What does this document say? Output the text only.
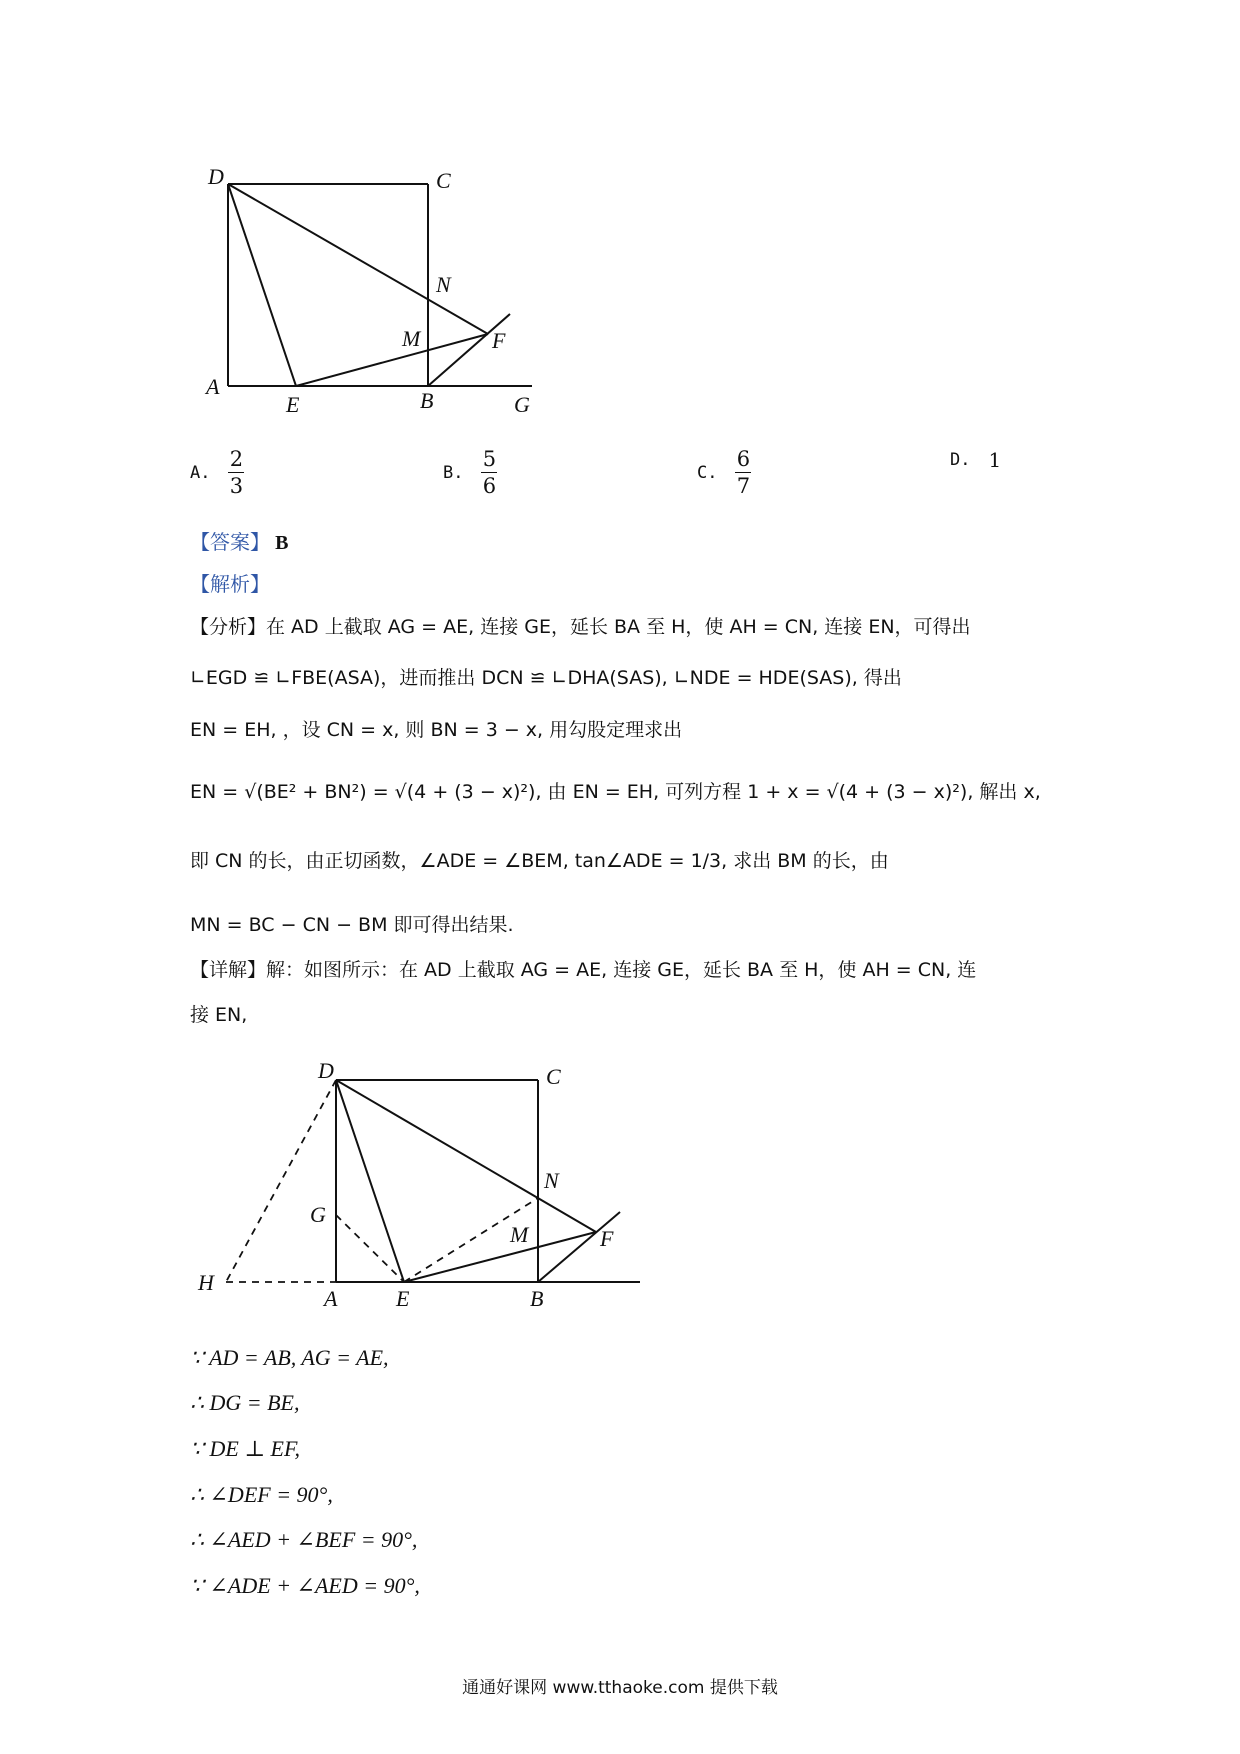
D	C
N
M	F
A
E	B	G
A. $\frac{2}{3}$	B. $\frac{5}{6}$	C. $\frac{6}{7}$	D. 1
【答案】 B
【解析】
【分析】在 AD 上截取 AG = AE, 连接 GE，延长 BA 至 H，使 AH = CN, 连接 EN，可得出
∟EGD ≌ ∟FBE(ASA)，进而推出 DCN ≌ ∟DHA(SAS), ∟NDE = HDE(SAS), 得出
EN = EH, ，设 CN = x, 则 BN = 3 − x, 用勾股定理求出
EN = √(BE² + BN²) = √(4 + (3 − x)²), 由 EN = EH, 可列方程 1 + x = √(4 + (3 − x)²), 解出 x,
即 CN 的长，由正切函数，∠ADE = ∠BEM, tan∠ADE = 1/3, 求出 BM 的长，由
MN = BC − CN − BM 即可得出结果.
【详解】解：如图所示：在 AD 上截取 AG = AE, 连接 GE，延长 BA 至 H，使 AH = CN, 连
接 EN,
D	C
N
G
M	F
H
A	E	B
∵ AD = AB, AG = AE,
∴ DG = BE,
∵ DE ⊥ EF,
∴ ∠DEF = 90°,
∴ ∠AED + ∠BEF = 90°,
∵ ∠ADE + ∠AED = 90°,
通通好课网 www.tthaoke.com 提供下载
